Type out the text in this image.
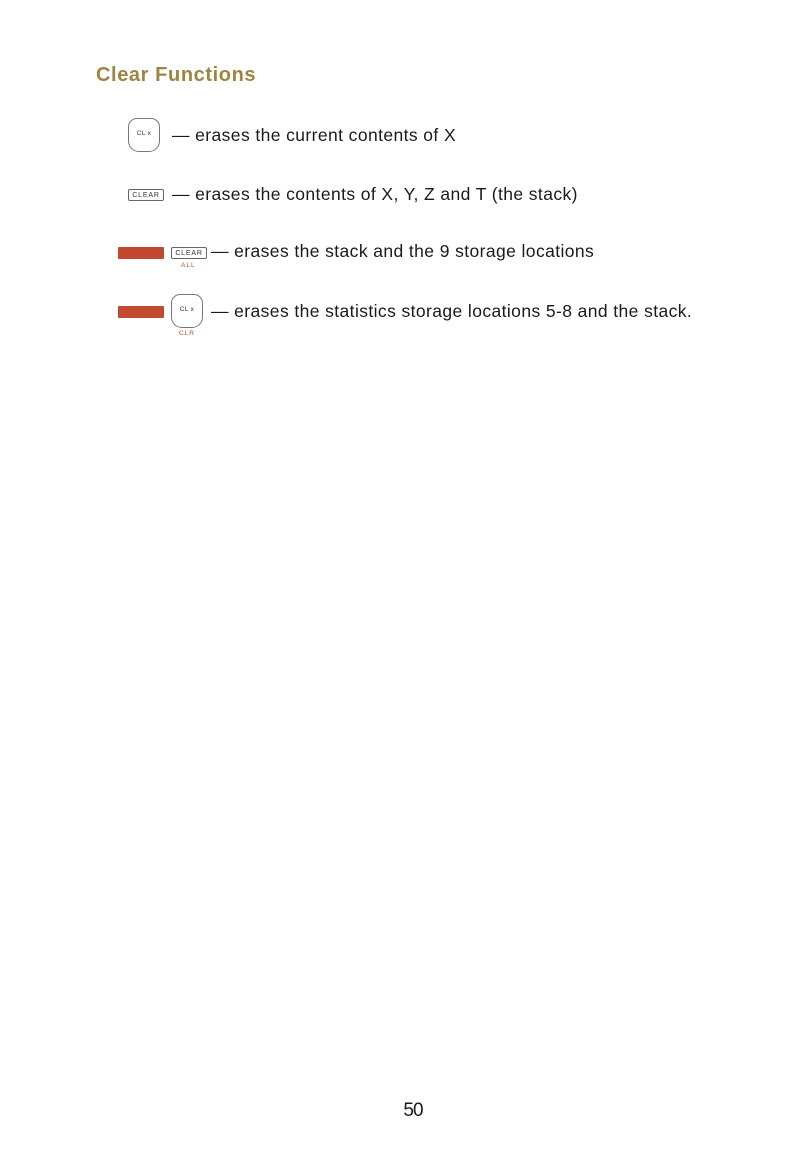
Clear Functions
CL x	— erases the current contents of X
CLEAR — erases the contents of X, Y, Z and T (the stack)
CLEAR
ALL
— erases the stack and the 9 storage locations
CL x
CLR
— erases the statistics storage locations 5-8 and the stack.
50
